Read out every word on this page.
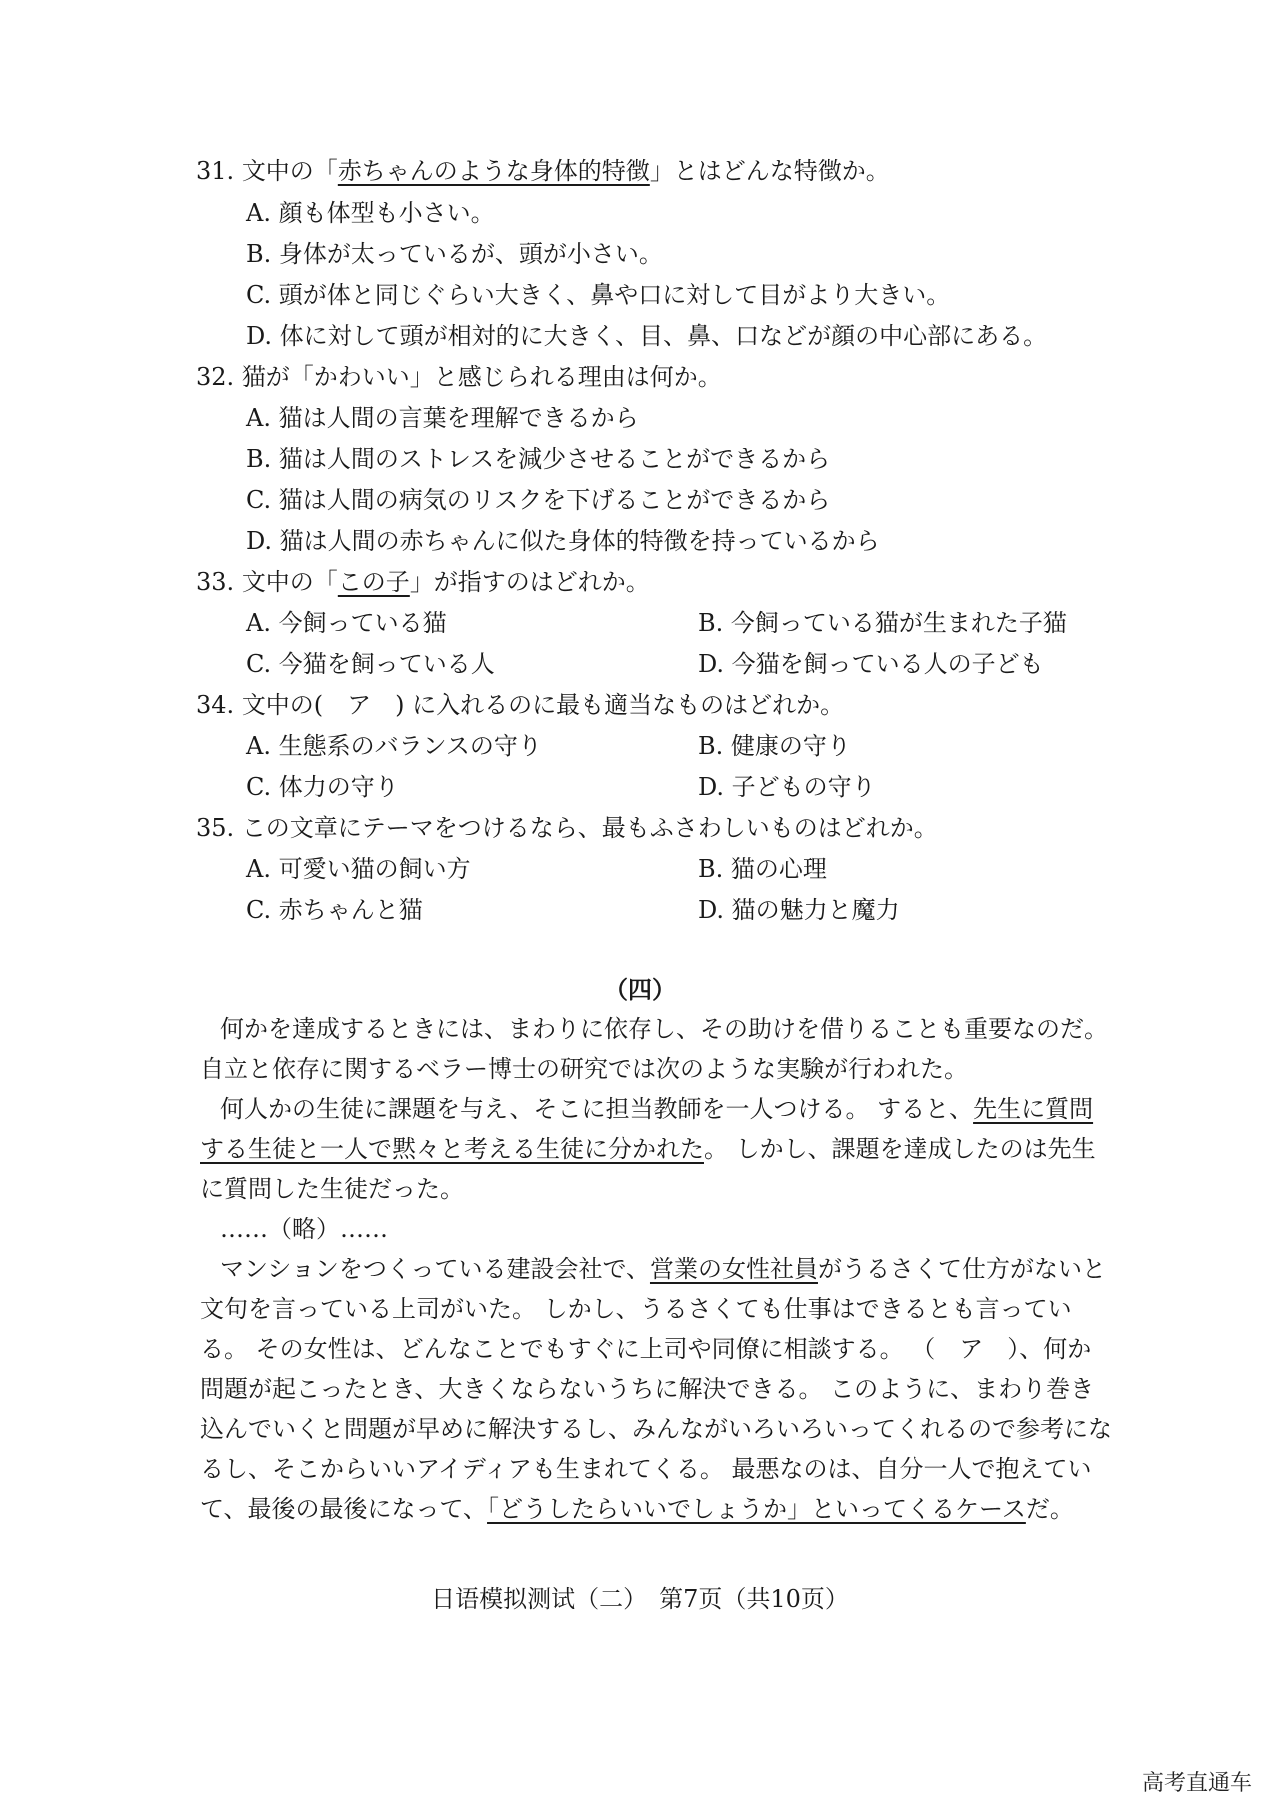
31. 文中の「赤ちゃんのような身体的特徴」とはどんな特徴か。
A. 顔も体型も小さい。
B. 身体が太っているが、頭が小さい。
C. 頭が体と同じぐらい大きく、鼻や口に対して目がより大きい。
D. 体に対して頭が相対的に大きく、目、鼻、口などが顔の中心部にある。
32. 猫が「かわいい」と感じられる理由は何か。
A. 猫は人間の言葉を理解できるから
B. 猫は人間のストレスを減少させることができるから
C. 猫は人間の病気のリスクを下げることができるから
D. 猫は人間の赤ちゃんに似た身体的特徴を持っているから
33. 文中の「この子」が指すのはどれか。
A. 今飼っている猫	B. 今飼っている猫が生まれた子猫
C. 今猫を飼っている人	D. 今猫を飼っている人の子ども
34. 文中の(　ア　) に入れるのに最も適当なものはどれか。
A. 生態系のバランスの守り	B. 健康の守り
C. 体力の守り	D. 子どもの守り
35. この文章にテーマをつけるなら、最もふさわしいものはどれか。
A. 可愛い猫の飼い方	B. 猫の心理
C. 赤ちゃんと猫	D. 猫の魅力と魔力
（四）
何かを達成するときには、まわりに依存し、その助けを借りることも重要なのだ。
自立と依存に関するベラー博士の研究では次のような実験が行われた。
何人かの生徒に課題を与え、そこに担当教師を一人つける。 すると、先生に質問
する生徒と一人で黙々と考える生徒に分かれた。 しかし、課題を達成したのは先生
に質問した生徒だった。
……（略）……
マンションをつくっている建設会社で、営業の女性社員がうるさくて仕方がないと
文句を言っている上司がいた。 しかし、うるさくても仕事はできるとも言ってい
る。 その女性は、どんなことでもすぐに上司や同僚に相談する。 （　ア　）、何か
問題が起こったとき、大きくならないうちに解決できる。 このように、まわり巻き
込んでいくと問題が早めに解決するし、みんながいろいろいってくれるので参考にな
るし、そこからいいアイディアも生まれてくる。 最悪なのは、自分一人で抱えてい
て、最後の最後になって、「どうしたらいいでしょうか」といってくるケースだ。
日语模拟测试（二）　第7页（共10页）
高考直通车
